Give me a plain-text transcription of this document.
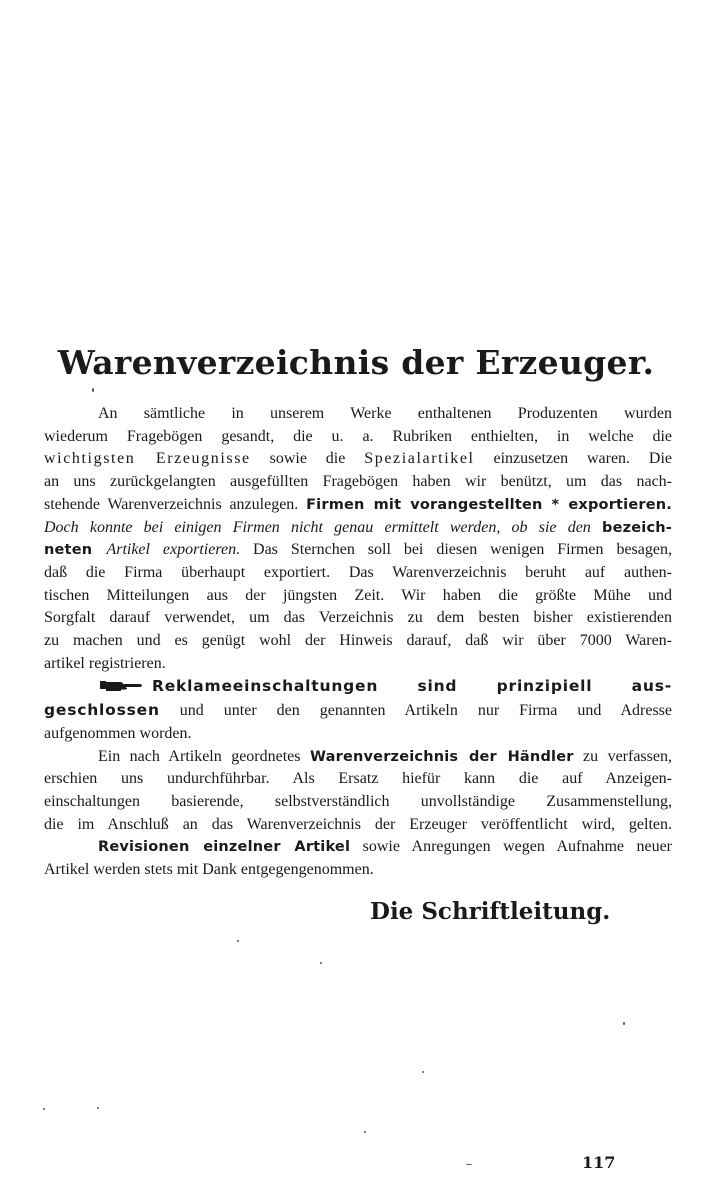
Warenverzeichnis der Erzeuger.
An sämtliche in unserem Werke enthaltenen Produzenten wurden
wiederum Fragebögen gesandt, die u. a. Rubriken enthielten, in welche die
wichtigsten Erzeugnisse sowie die Spezialartikel einzusetzen waren. Die
an uns zurückgelangten ausgefüllten Fragebögen haben wir benützt, um das nach-
stehende Warenverzeichnis anzulegen. Firmen mit vorangestellten * exportieren.
Doch konnte bei einigen Firmen nicht genau ermittelt werden, ob sie den bezeich-
neten Artikel exportieren. Das Sternchen soll bei diesen wenigen Firmen besagen,
daß die Firma überhaupt exportiert. Das Warenverzeichnis beruht auf authen-
tischen Mitteilungen aus der jüngsten Zeit. Wir haben die größte Mühe und
Sorgfalt darauf verwendet, um das Verzeichnis zu dem besten bisher existierenden
zu machen und es genügt wohl der Hinweis darauf, daß wir über 7000 Waren-
artikel registrieren.
Reklameeinschaltungen sind prinzipiell aus-
geschlossen und unter den genannten Artikeln nur Firma und Adresse
aufgenommen worden.
Ein nach Artikeln geordnetes Warenverzeichnis der Händler zu verfassen,
erschien uns undurchführbar. Als Ersatz hiefür kann die auf Anzeigen-
einschaltungen basierende, selbstverständlich unvollständige Zusammenstellung,
die im Anschluß an das Warenverzeichnis der Erzeuger veröffentlicht wird, gelten.
Revisionen einzelner Artikel sowie Anregungen wegen Aufnahme neuer
Artikel werden stets mit Dank entgegengenommen.
Die Schriftleitung.
117
